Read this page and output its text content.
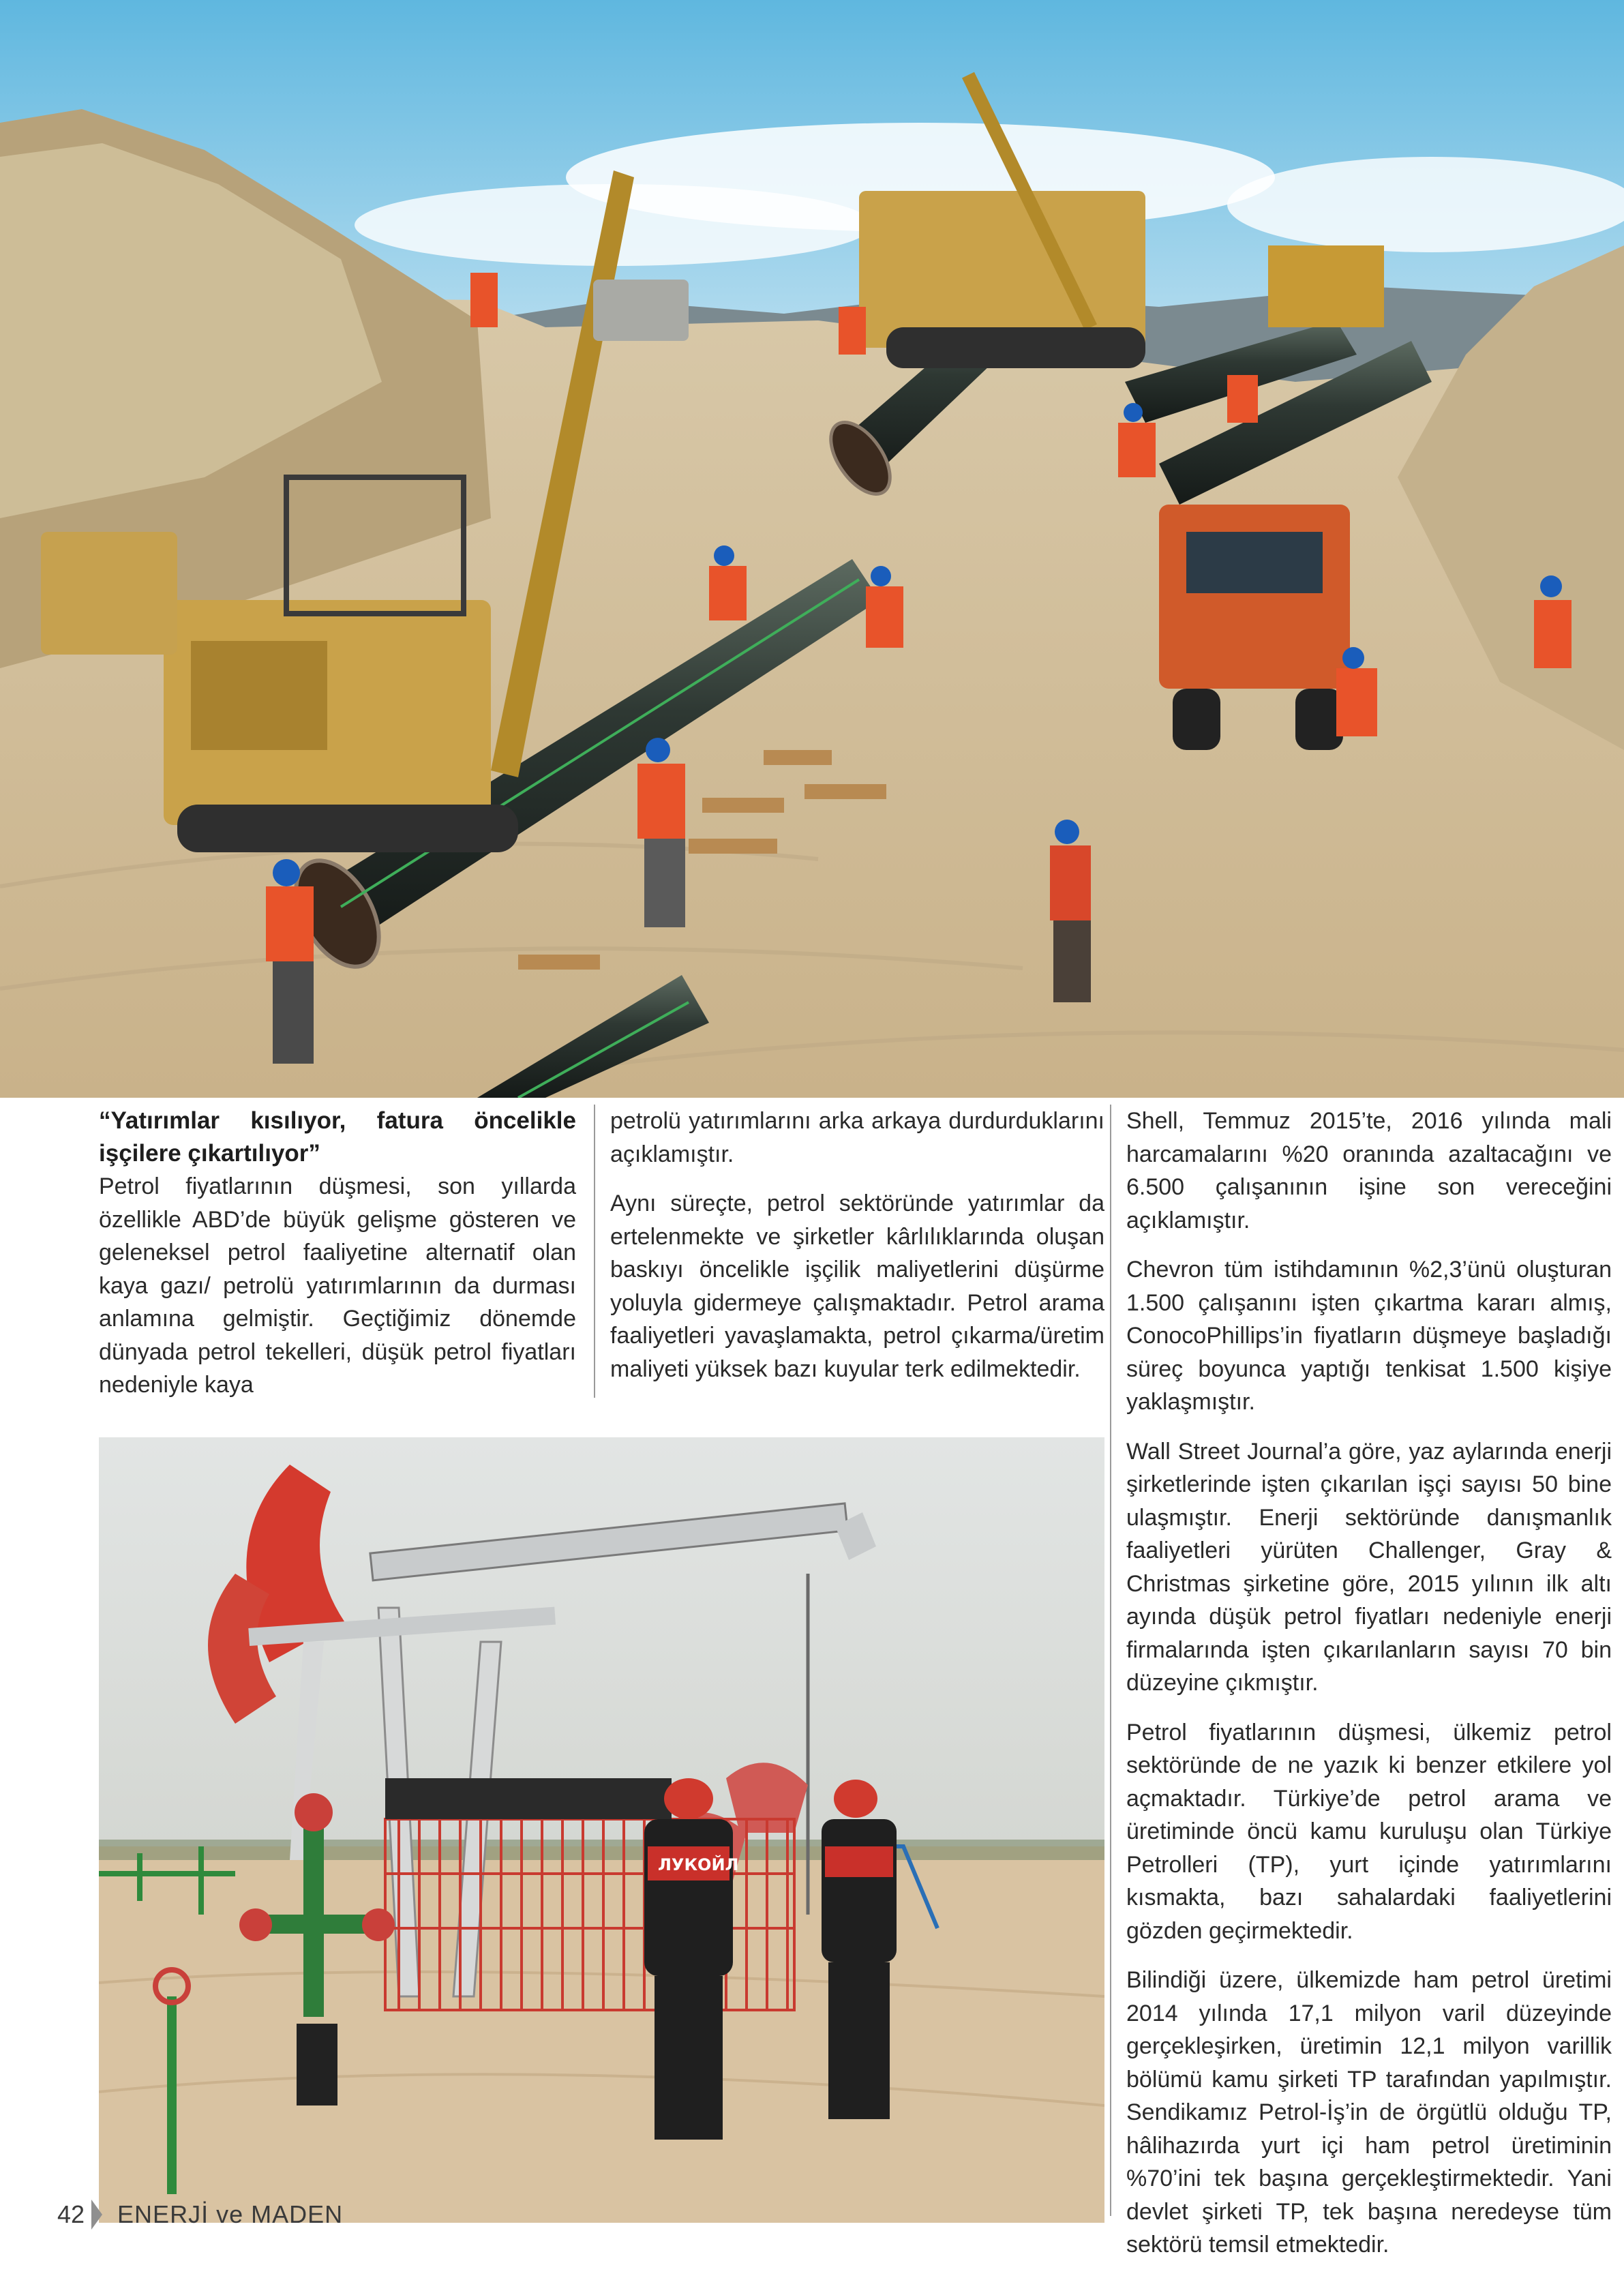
ЛУКОЙЛ
“Yatırımlar kısılıyor, fatura öncelikle işçilere çıkartılıyor”

Petrol fiyatlarının düşmesi, son yıllarda özellikle ABD’de büyük gelişme gösteren ve geleneksel petrol faaliyetine alternatif olan kaya gazı/ petrolü yatırımlarının da durması anlamına gelmiştir. Geçtiğimiz dönemde dünyada petrol tekelleri, düşük petrol fiyatları nedeniyle kaya

petrolü yatırımlarını arka arkaya durdurduklarını açıklamıştır.

Aynı süreçte, petrol sektöründe yatırımlar da ertelenmekte ve şirketler kârlılıklarında oluşan baskıyı öncelikle işçilik maliyetlerini düşürme yoluyla gidermeye çalışmaktadır. Petrol arama faaliyetleri yavaşlamakta, petrol çıkarma/üretim maliyeti yüksek bazı kuyular terk edilmektedir.

Shell, Temmuz 2015’te, 2016 yılında mali harcamalarını %20 oranında azaltacağını ve 6.500 çalışanının işine son vereceğini açıklamıştır.

Chevron tüm istihdamının %2,3’ünü oluşturan 1.500 çalışanını işten çıkartma kararı almış, ConocoPhillips’in fiyatların düşmeye başladığı süreç boyunca yaptığı tenkisat 1.500 kişiye yaklaşmıştır.

Wall Street Journal’a göre, yaz aylarında enerji şirketlerinde işten çıkarılan işçi sayısı 50 bine ulaşmıştır. Enerji sektöründe danışmanlık faaliyetleri yürüten Challenger, Gray & Christmas şirketine göre, 2015 yılının ilk altı ayında düşük petrol fiyatları nedeniyle enerji firmalarında işten çıkarılanların sayısı 70 bin düzeyine çıkmıştır.

Petrol fiyatlarının düşmesi, ülkemiz petrol sektöründe de ne yazık ki benzer etkilere yol açmaktadır. Türkiye’de petrol arama ve üretiminde öncü kamu kuruluşu olan Türkiye Petrolleri (TP), yurt içinde yatırımlarını kısmakta, bazı sahalardaki faaliyetlerini gözden geçirmektedir.

Bilindiği üzere, ülkemizde ham petrol üretimi 2014 yılında 17,1 milyon varil düzeyinde gerçekleşirken, üretimin 12,1 milyon varillik bölümü kamu şirketi TP tarafından yapılmıştır. Sendikamız Petrol-İş’in de örgütlü olduğu TP, hâlihazırda yurt içi ham petrol üretiminin %70’ini tek başına gerçekleştirmektedir. Yani devlet şirketi TP, tek başına neredeyse tüm sektörü temsil etmektedir.

42 ENERJİ ve MADEN
